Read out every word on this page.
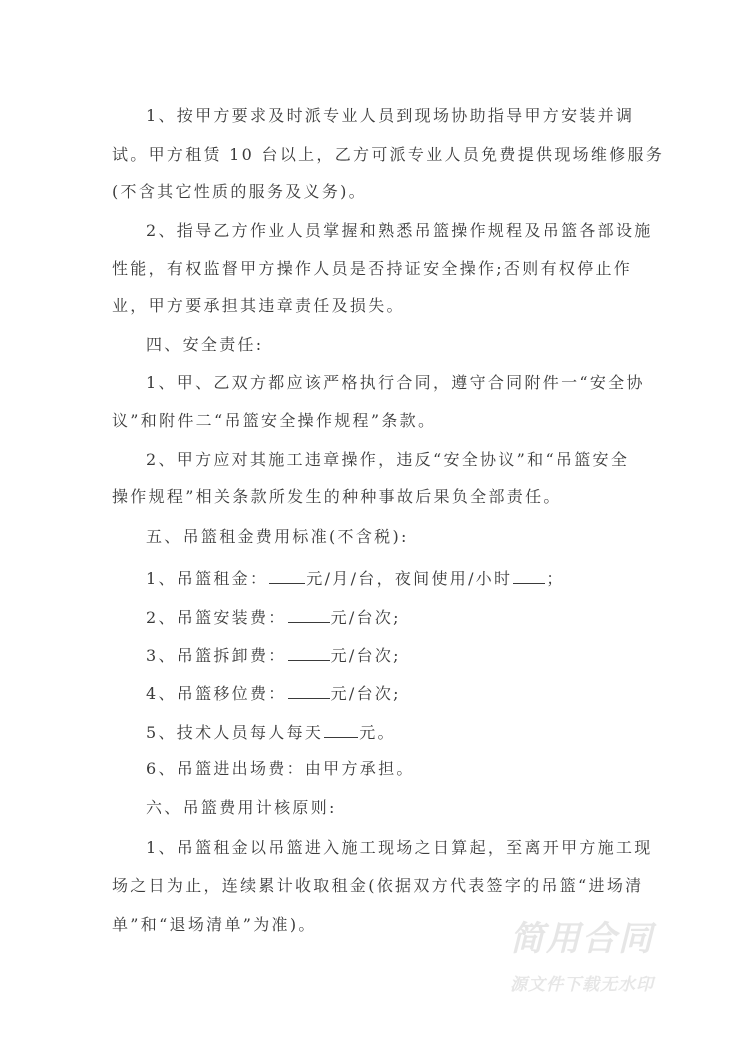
1、按甲方要求及时派专业人员到现场协助指导甲方安装并调
试。甲方租赁 10 台以上，乙方可派专业人员免费提供现场维修服务
(不含其它性质的服务及义务)。
2、指导乙方作业人员掌握和熟悉吊篮操作规程及吊篮各部设施
性能，有权监督甲方操作人员是否持证安全操作;否则有权停止作
业，甲方要承担其违章责任及损失。
四、安全责任:
1、甲、乙双方都应该严格执行合同，遵守合同附件一“安全协
议”和附件二“吊篮安全操作规程”条款。
2、甲方应对其施工违章操作，违反“安全协议”和“吊篮安全
操作规程”相关条款所发生的种种事故后果负全部责任。
五、吊篮租金费用标准(不含税):
1、吊篮租金： 元/月/台，夜间使用/小时 ；
2、吊篮安装费：	元/台次;
3、吊篮拆卸费：	元/台次;
4、吊篮移位费：	元/台次;
5、技术人员每人每天 元。
6、吊篮进出场费：由甲方承担。
六、吊篮费用计核原则:
1、吊篮租金以吊篮进入施工现场之日算起，至离开甲方施工现
场之日为止，连续累计收取租金(依据双方代表签字的吊篮“进场清
单”和“退场清单”为准)。	简用合同
源文件下载无水印
